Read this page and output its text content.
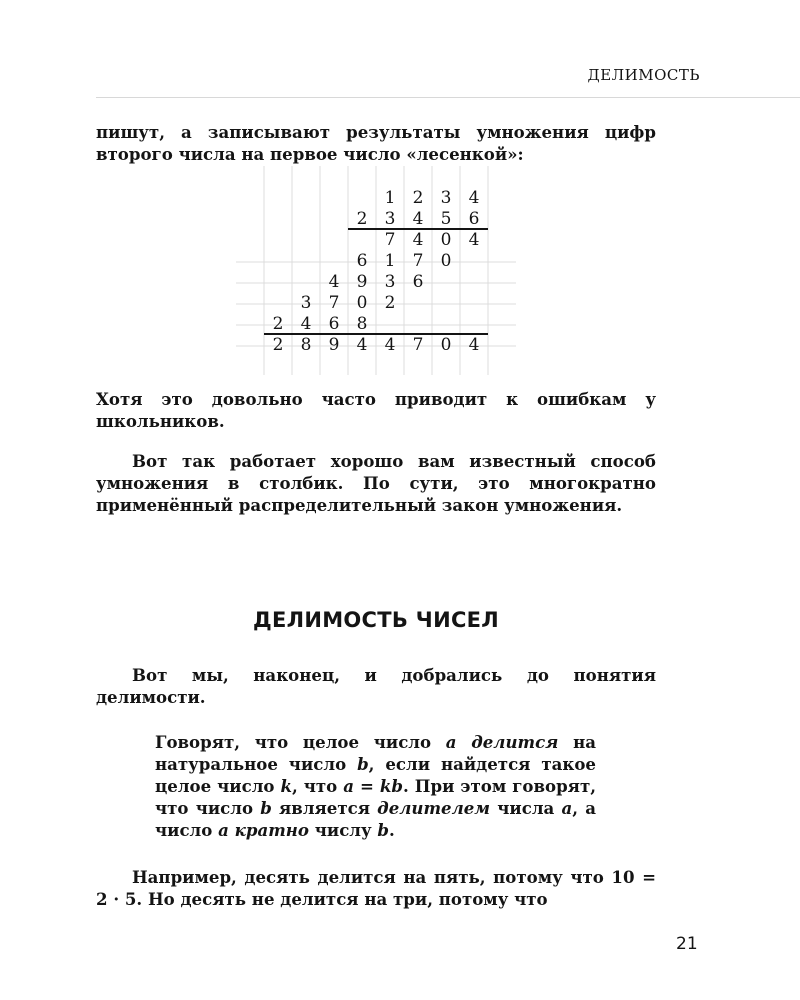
ДЕЛИМОСТЬ

пишут, а записывают результаты умножения цифр второго числа на первое число «лесенкой»:

1 2 3 4
2 3 4 5 6
7 4 0 4
6 1 7 0
4 9 3 6
3 7 0 2
2 4 6 8
2 8 9 4 4 7 0 4

Хотя это довольно часто приводит к ошибкам у школьников.

Вот так работает хорошо вам известный способ умножения в столбик. По сути, это многократно применённый распределительный закон умножения.

ДЕЛИМОСТЬ ЧИСЕЛ

Вот мы, наконец, и добрались до понятия делимости.

Говорят, что целое число a делится на натуральное число b, если найдется такое целое число k, что a = kb. При этом говорят, что число b является делителем числа a, а число a кратно числу b.

Например, десять делится на пять, потому что 10 = 2 · 5. Но десять не делится на три, потому что

21
